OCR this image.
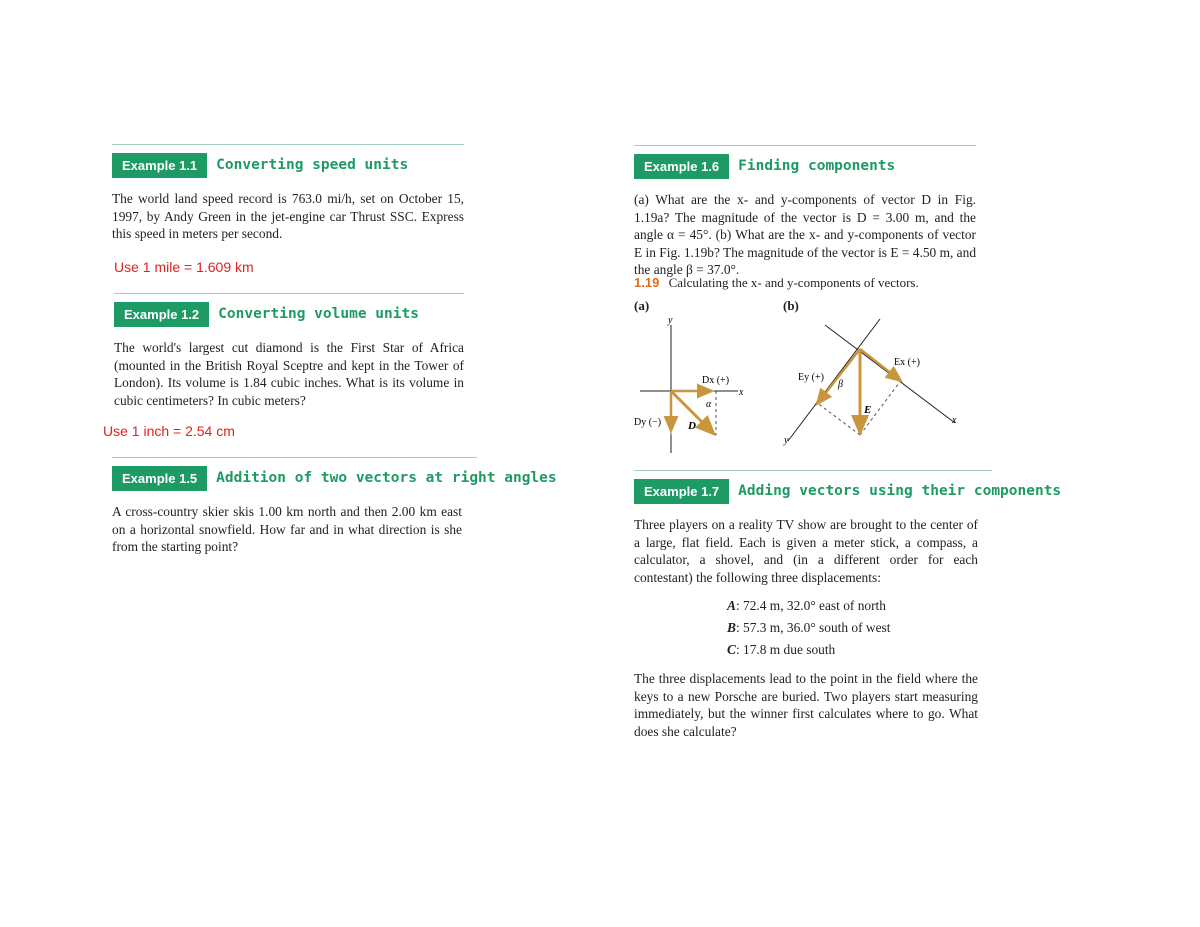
Example 1.1	Converting speed units
The world land speed record is 763.0 mi/h, set on October 15, 1997, by Andy Green in the jet-engine car Thrust SSC. Express this speed in meters per second.
Use 1 mile = 1.609 km
Example 1.2	Converting volume units
The world's largest cut diamond is the First Star of Africa (mounted in the British Royal Sceptre and kept in the Tower of London). Its volume is 1.84 cubic inches. What is its volume in cubic centimeters? In cubic meters?
Use 1 inch = 2.54 cm
Example 1.5	Addition of two vectors at right angles
A cross-country skier skis 1.00 km north and then 2.00 km east on a horizontal snowfield. How far and in what direction is she from the starting point?
Example 1.6	Finding components
(a) What are the x- and y-components of vector D in Fig. 1.19a? The magnitude of the vector is D = 3.00 m, and the angle α = 45°. (b) What are the x- and y-components of vector E in Fig. 1.19b? The magnitude of the vector is E = 4.50 m, and the angle β = 37.0°.
1.19 Calculating the x- and y-components of vectors.
(a)	(b)
y
x
Dx (+)
Dy (−)
α
D	x
y
Ey (+)
Ex (+)
β
E
Example 1.7	Adding vectors using their components
Three players on a reality TV show are brought to the center of a large, flat field. Each is given a meter stick, a compass, a calculator, a shovel, and (in a different order for each contestant) the following three displacements:
A: 72.4 m, 32.0° east of north
B: 57.3 m, 36.0° south of west
C: 17.8 m due south
The three displacements lead to the point in the field where the keys to a new Porsche are buried. Two players start measuring immediately, but the winner first calculates where to go. What does she calculate?
